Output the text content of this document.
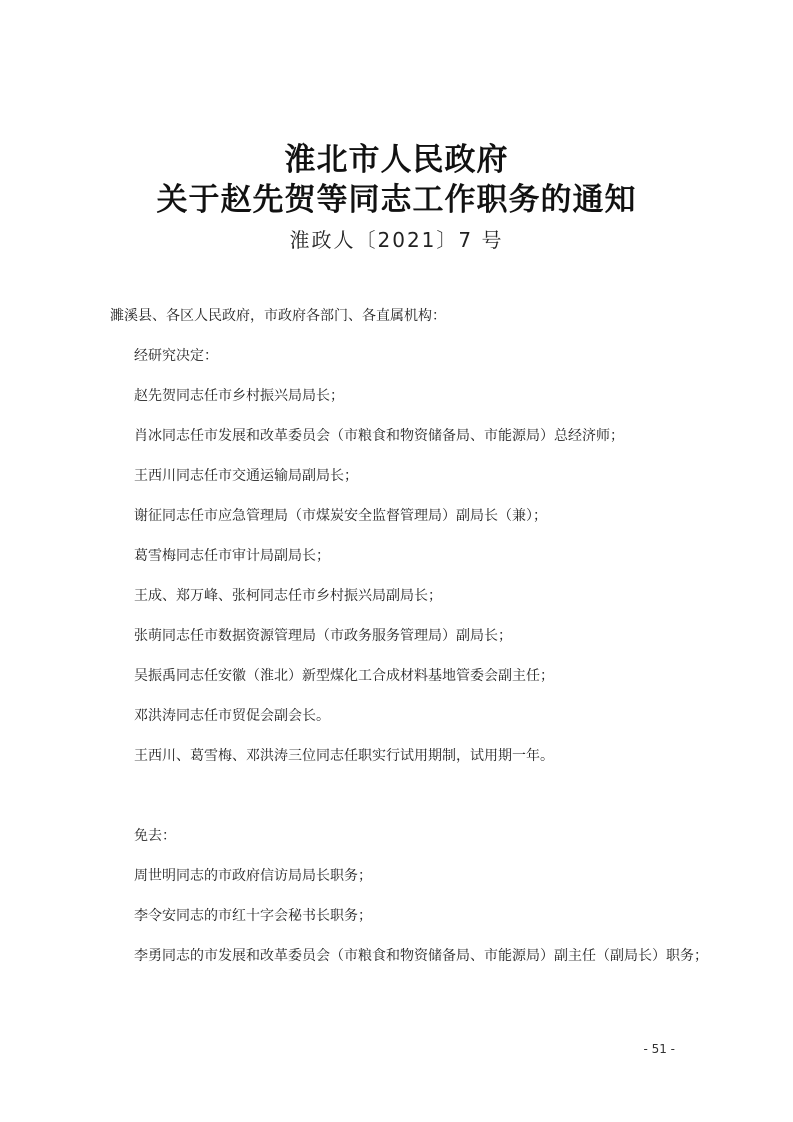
淮北市人民政府
关于赵先贺等同志工作职务的通知
淮政人〔2021〕7 号
濉溪县、各区人民政府，市政府各部门、各直属机构：
经研究决定：
赵先贺同志任市乡村振兴局局长；
肖冰同志任市发展和改革委员会（市粮食和物资储备局、市能源局）总经济师；
王西川同志任市交通运输局副局长；
谢征同志任市应急管理局（市煤炭安全监督管理局）副局长（兼）；
葛雪梅同志任市审计局副局长；
王成、郑万峰、张柯同志任市乡村振兴局副局长；
张萌同志任市数据资源管理局（市政务服务管理局）副局长；
吴振禹同志任安徽（淮北）新型煤化工合成材料基地管委会副主任；
邓洪涛同志任市贸促会副会长。
王西川、葛雪梅、邓洪涛三位同志任职实行试用期制，试用期一年。
免去：
周世明同志的市政府信访局局长职务；
李令安同志的市红十字会秘书长职务；
李勇同志的市发展和改革委员会（市粮食和物资储备局、市能源局）副主任（副局长）职务；
- 51 -
